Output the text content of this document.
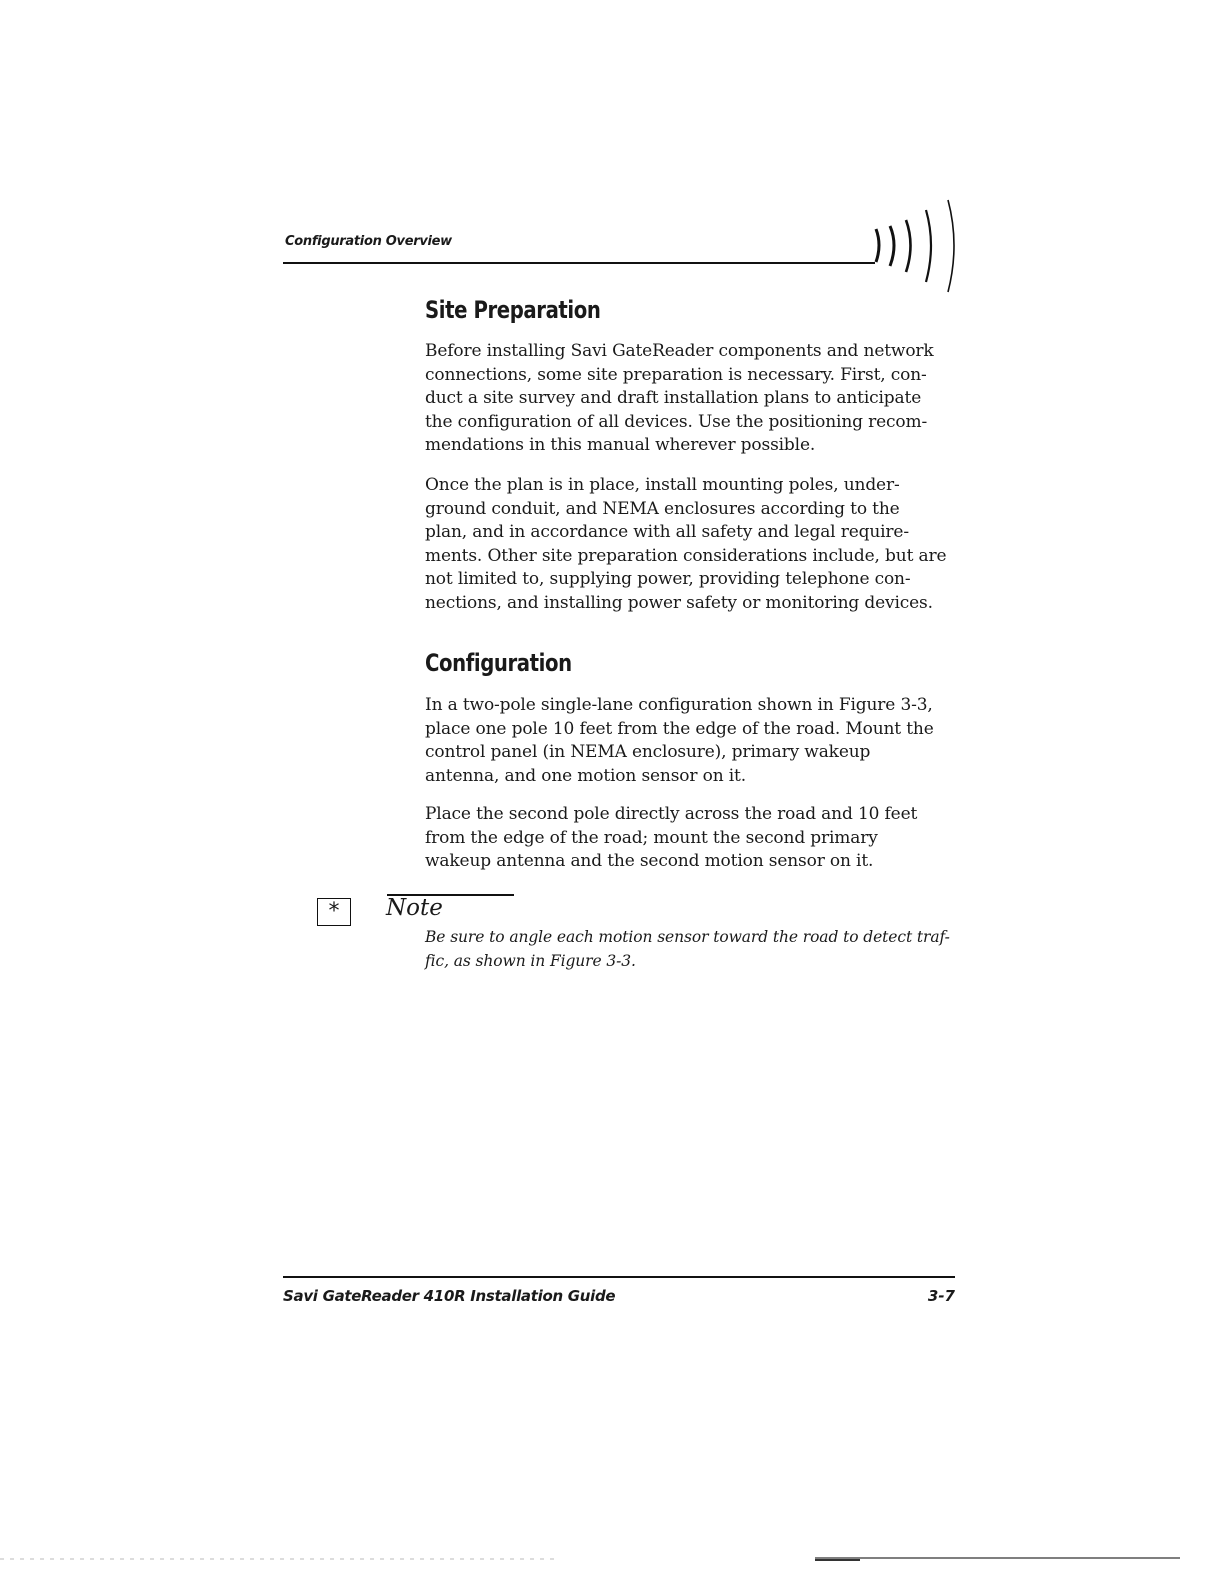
Configuration Overview
Site Preparation

Before installing Savi GateReader components and network
connections, some site preparation is necessary. First, con-
duct a site survey and draft installation plans to anticipate
the configuration of all devices. Use the positioning recom-
mendations in this manual wherever possible.

Once the plan is in place, install mounting poles, under-
ground conduit, and NEMA enclosures according to the
plan, and in accordance with all safety and legal require-
ments. Other site preparation considerations include, but are
not limited to, supplying power, providing telephone con-
nections, and installing power safety or monitoring devices.

Configuration

In a two-pole single-lane configuration shown in Figure 3-3,
place one pole 10 feet from the edge of the road. Mount the
control panel (in NEMA enclosure), primary wakeup
antenna, and one motion sensor on it.

Place the second pole directly across the road and 10 feet
from the edge of the road; mount the second primary
wakeup antenna and the second motion sensor on it.

*	Note

Be sure to angle each motion sensor toward the road to detect traf-
fic, as shown in Figure 3-3.

Savi GateReader 410R Installation Guide	3-7
